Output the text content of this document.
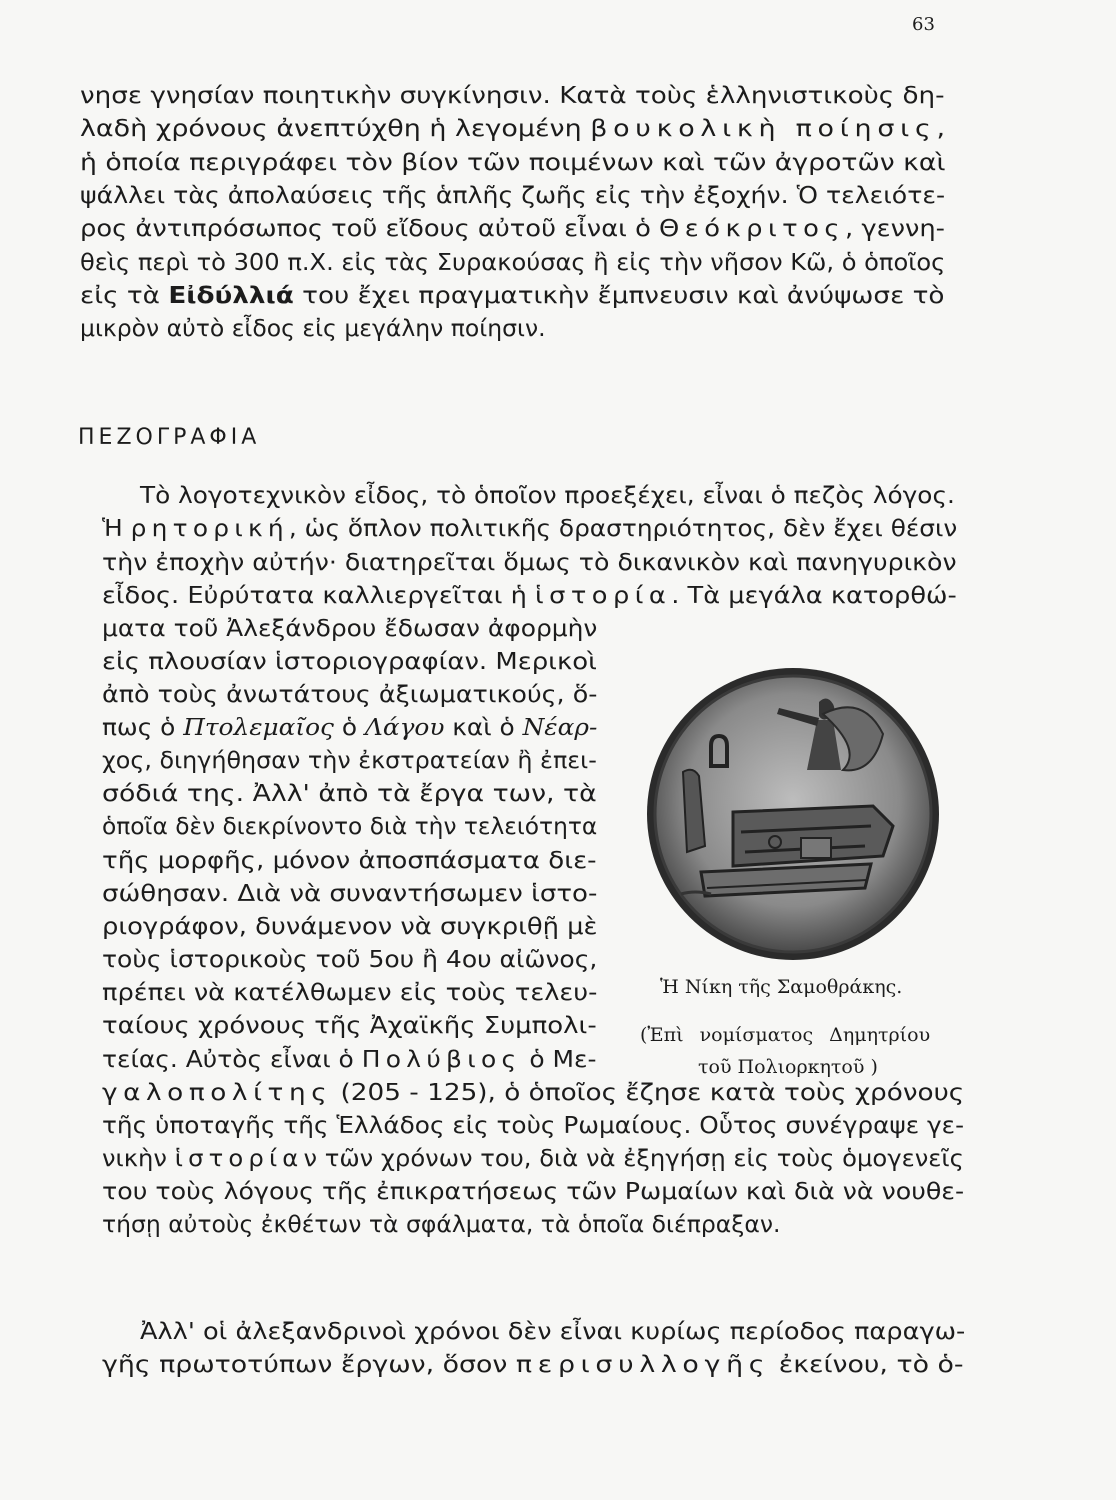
63
νησε γνησίαν ποιητικὴν συγκίνησιν. Κατὰ τοὺς ἑλληνιστικοὺς δη-
λαδὴ χρόνους ἀνεπτύχθη ἡ λεγομένη βουκολικὴ ποίησις,
ἡ ὁποία περιγράφει τὸν βίον τῶν ποιμένων καὶ τῶν ἀγροτῶν καὶ
ψάλλει τὰς ἀπολαύσεις τῆς ἁπλῆς ζωῆς εἰς τὴν ἐξοχήν. Ὁ τελειότε-
ρος ἀντιπρόσωπος τοῦ εἴδους αὐτοῦ εἶναι ὁ Θεόκριτος, γεννη-
θεὶς περὶ τὸ 300 π.Χ. εἰς τὰς Συρακούσας ἢ εἰς τὴν νῆσον Κῶ, ὁ ὁποῖος
εἰς τὰ Εἰδύλλιά του ἔχει πραγματικὴν ἔμπνευσιν καὶ ἀνύψωσε τὸ
μικρὸν αὐτὸ εἶδος εἰς μεγάλην ποίησιν.
ΠΕΖΟΓΡΑΦΙΑ
Τὸ λογοτεχνικὸν εἶδος, τὸ ὁποῖον προεξέχει, εἶναι ὁ πεζὸς λόγος.
Ἡ ρητορική, ὡς ὅπλον πολιτικῆς δραστηριότητος, δὲν ἔχει θέσιν
τὴν ἐποχὴν αὐτήν· διατηρεῖται ὅμως τὸ δικανικὸν καὶ πανηγυρικὸν
εἶδος. Εὐρύτατα καλλιεργεῖται ἡ ἱστορία. Τὰ μεγάλα κατορθώ-
ματα τοῦ Ἀλεξάνδρου ἔδωσαν ἀφορμὴν
εἰς πλουσίαν ἱστοριογραφίαν. Μερικοὶ
ἀπὸ τοὺς ἀνωτάτους ἀξιωματικούς, ὅ-
πως ὁ Πτολεμαῖος ὁ Λάγου καὶ ὁ Νέαρ-
χος, διηγήθησαν τὴν ἐκστρατείαν ἢ ἐπει-
σόδιά της. Ἀλλ' ἀπὸ τὰ ἔργα των, τὰ
ὁποῖα δὲν διεκρίνοντο διὰ τὴν τελειότητα
τῆς μορφῆς, μόνον ἀποσπάσματα διε-
σώθησαν. Διὰ νὰ συναντήσωμεν ἱστο-
ριογράφον, δυνάμενον νὰ συγκριθῇ μὲ
τοὺς ἱστορικοὺς τοῦ 5ου ἢ 4ου αἰῶνος,
πρέπει νὰ κατέλθωμεν εἰς τοὺς τελευ-
ταίους χρόνους τῆς Ἀχαϊκῆς Συμπολι-
τείας. Αὐτὸς εἶναι ὁ Πολύβιος ὁ Με-
γαλοπολίτης (205 - 125), ὁ ὁποῖος ἔζησε κατὰ τοὺς χρόνους
τῆς ὑποταγῆς τῆς Ἑλλάδος εἰς τοὺς Ρωμαίους. Οὗτος συνέγραψε γε-
νικὴν ἱστορίαν τῶν χρόνων του, διὰ νὰ ἐξηγήσῃ εἰς τοὺς ὁμογενεῖς
του τοὺς λόγους τῆς ἐπικρατήσεως τῶν Ρωμαίων καὶ διὰ νὰ νουθε-
τήσῃ αὐτοὺς ἐκθέτων τὰ σφάλματα, τὰ ὁποῖα διέπραξαν.
Ἀλλ' οἱ ἀλεξανδρινοὶ χρόνοι δὲν εἶναι κυρίως περίοδος παραγω-
γῆς πρωτοτύπων ἔργων, ὅσον περισυλλογῆς ἐκείνου, τὸ ὁ-
Ἡ Νίκη τῆς Σαμοθράκης.
(Ἐπὶ νομίσματος Δημητρίου
τοῦ Πολιορκητοῦ )
